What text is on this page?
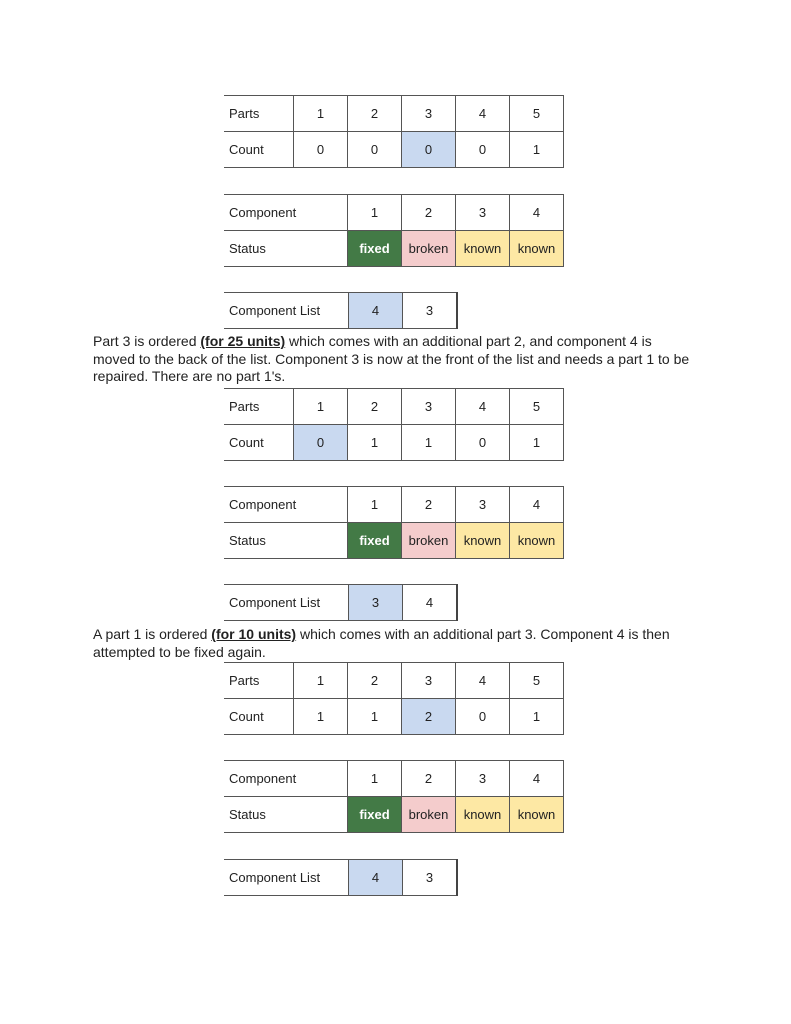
Parts	1	2	3	4	5
Count	0	0	0	0	1
Component	1	2	3	4
Status	fixed	broken	known	known
Component List	4	3

Part 3 is ordered (for 25 units) which comes with an additional part 2, and component 4 is moved to the back of the list. Component 3 is now at the front of the list and needs a part 1 to be repaired. There are no part 1's.

Parts	1	2	3	4	5
Count	0	1	1	0	1
Component	1	2	3	4
Status	fixed	broken	known	known
Component List	3	4

A part 1 is ordered (for 10 units) which comes with an additional part 3. Component 4 is then attempted to be fixed again.

Parts	1	2	3	4	5
Count	1	1	2	0	1
Component	1	2	3	4
Status	fixed	broken	known	known
Component List	4	3
